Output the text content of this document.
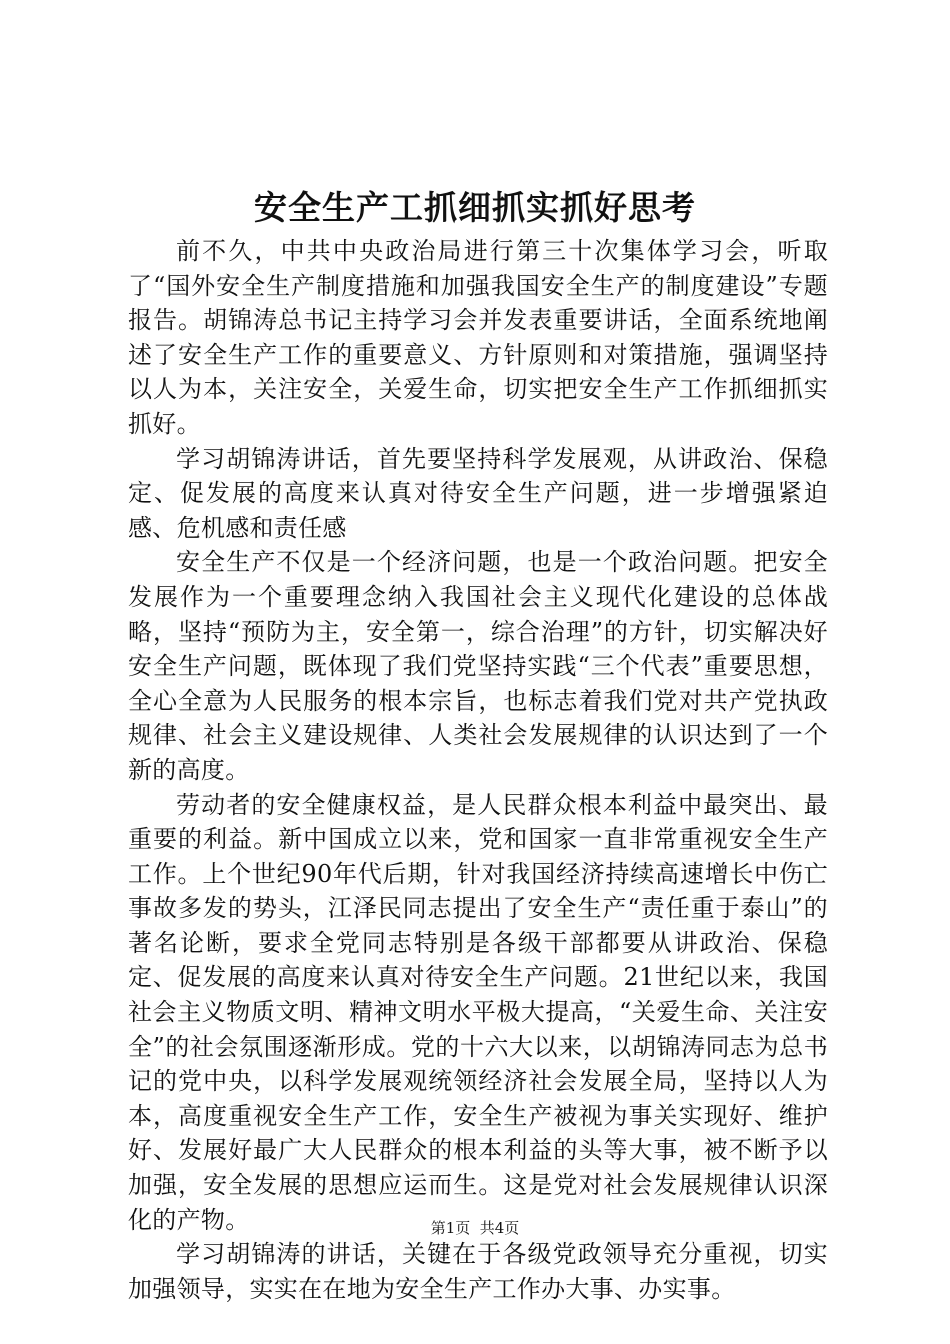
安全生产工抓细抓实抓好思考

前不久，中共中央政治局进行第三十次集体学习会，听取了“国外安全生产制度措施和加强我国安全生产的制度建设”专题报告。胡锦涛总书记主持学习会并发表重要讲话，全面系统地阐述了安全生产工作的重要意义、方针原则和对策措施，强调坚持以人为本，关注安全，关爱生命，切实把安全生产工作抓细抓实抓好。

学习胡锦涛讲话，首先要坚持科学发展观，从讲政治、保稳定、促发展的高度来认真对待安全生产问题，进一步增强紧迫感、危机感和责任感

安全生产不仅是一个经济问题，也是一个政治问题。把安全发展作为一个重要理念纳入我国社会主义现代化建设的总体战略，坚持“预防为主，安全第一，综合治理”的方针，切实解决好安全生产问题，既体现了我们党坚持实践“三个代表”重要思想，全心全意为人民服务的根本宗旨，也标志着我们党对共产党执政规律、社会主义建设规律、人类社会发展规律的认识达到了一个新的高度。

劳动者的安全健康权益，是人民群众根本利益中最突出、最重要的利益。新中国成立以来，党和国家一直非常重视安全生产工作。上个世纪90年代后期，针对我国经济持续高速增长中伤亡事故多发的势头，江泽民同志提出了安全生产“责任重于泰山”的著名论断，要求全党同志特别是各级干部都要从讲政治、保稳定、促发展的高度来认真对待安全生产问题。21世纪以来，我国社会主义物质文明、精神文明水平极大提高，“关爱生命、关注安全”的社会氛围逐渐形成。党的十六大以来，以胡锦涛同志为总书记的党中央，以科学发展观统领经济社会发展全局，坚持以人为本，高度重视安全生产工作，安全生产被视为事关实现好、维护好、发展好最广大人民群众的根本利益的头等大事，被不断予以加强，安全发展的思想应运而生。这是党对社会发展规律认识深化的产物。

学习胡锦涛的讲话，关键在于各级党政领导充分重视，切实加强领导，实实在在地为安全生产工作办大事、办实事。

第1页  共4页
